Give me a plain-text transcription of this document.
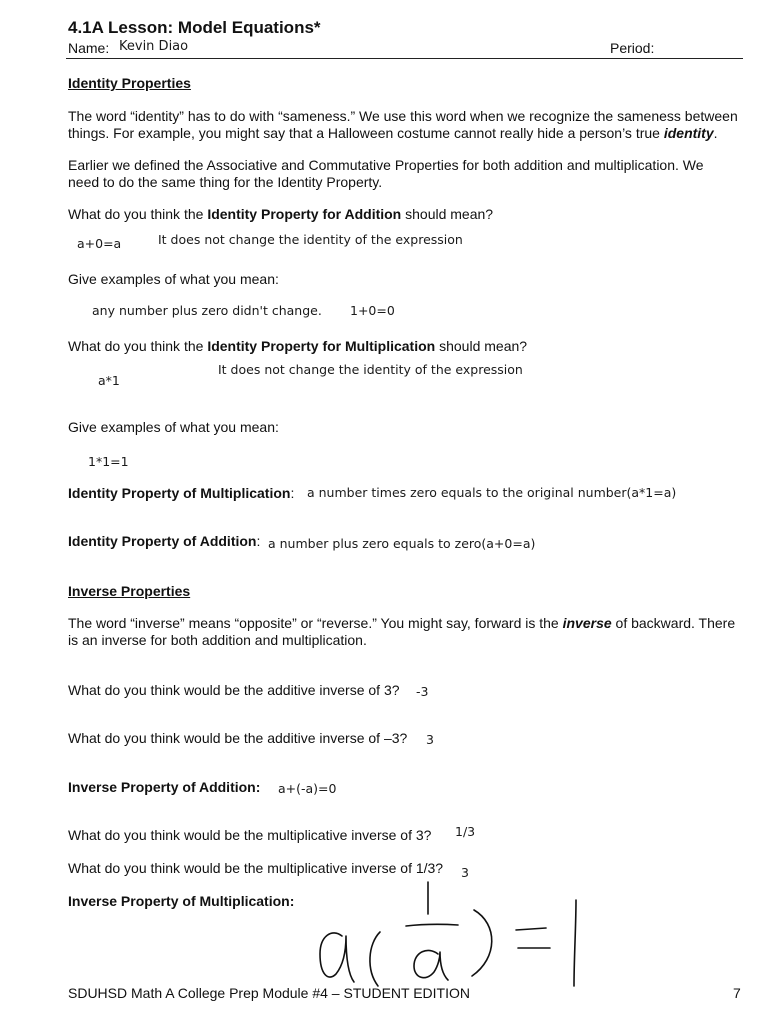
4.1A Lesson: Model Equations*
Name: Kevin Diao	Period:
Identity Properties
The word “identity” has to do with “sameness.” We use this word when we recognize the sameness between things. For example, you might say that a Halloween costume cannot really hide a person’s true identity.
Earlier we defined the Associative and Commutative Properties for both addition and multiplication. We need to do the same thing for the Identity Property.
What do you think the Identity Property for Addition should mean?
a+0=a	It does not change the identity of the expression
Give examples of what you mean:
any number plus zero didn't change. 1+0=0
What do you think the Identity Property for Multiplication should mean?
a*1
It does not change the identity of the expression
Give examples of what you mean:
1*1=1
Identity Property of Multiplication: a number times zero equals to the original number(a*1=a)
Identity Property of Addition: a number plus zero equals to zero(a+0=a)
Inverse Properties
The word “inverse” means “opposite” or “reverse.” You might say, forward is the inverse of backward. There is an inverse for both addition and multiplication.
What do you think would be the additive inverse of 3? -3
What do you think would be the additive inverse of –3? 3
Inverse Property of Addition: a+(-a)=0
What do you think would be the multiplicative inverse of 3? 1/3
What do you think would be the multiplicative inverse of 1/3? 3
Inverse Property of Multiplication:
SDUHSD Math A College Prep Module #4 – STUDENT EDITION	7
